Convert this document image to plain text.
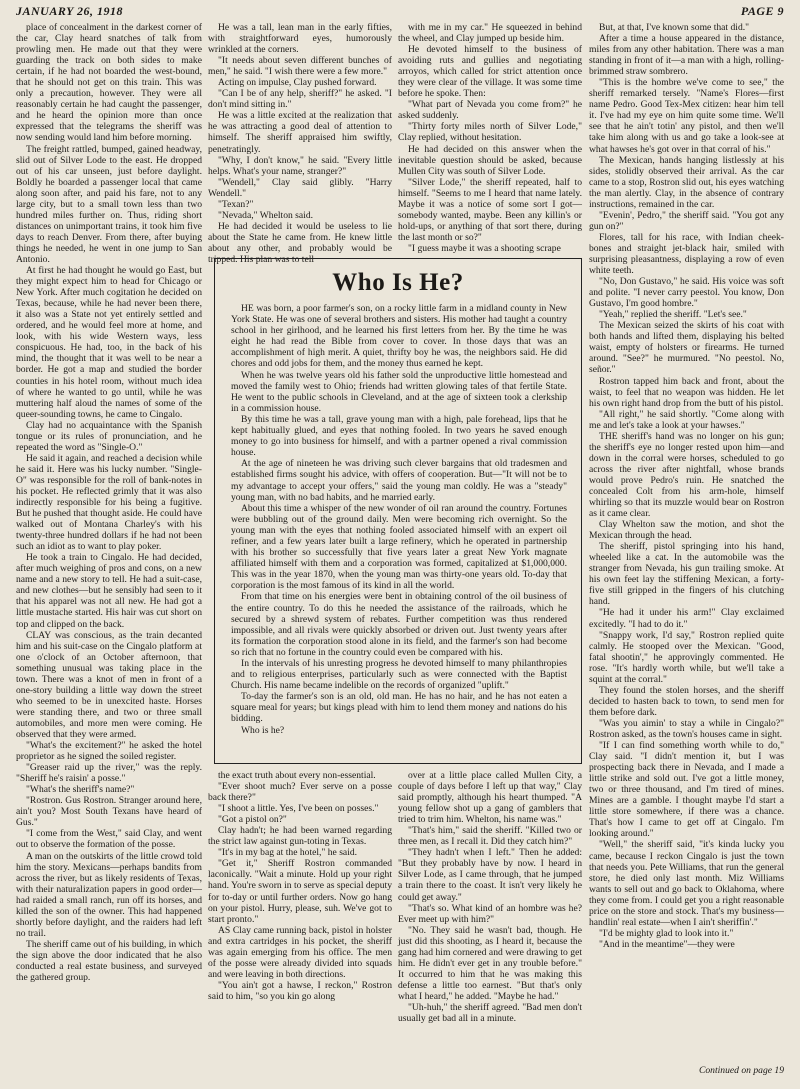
JANUARY 26, 1918	PAGE 9

place of concealment in the darkest corner of the car, Clay heard snatches of talk from prowling men. He made out that they were guarding the track on both sides to make certain, if he had not boarded the west-bound, that he should not get on this train. This was only a precaution, however. They were all reasonably certain he had caught the passenger, and he heard the opinion more than once expressed that the telegrams the sheriff was now sending would land him before morning.

The freight rattled, bumped, gained headway, slid out of Silver Lode to the east. He dropped out of his car unseen, just before daylight. Boldly he boarded a passenger local that came along soon after, and paid his fare, not to any large city, but to a small town less than two hundred miles further on. Thus, riding short distances on unimportant trains, it took him five days to reach Denver. From there, after buying things he needed, he went in one jump to San Antonio.

At first he had thought he would go East, but they might expect him to head for Chicago or New York. After much cogitation he decided on Texas, because, while he had never been there, it also was a State not yet entirely settled and ordered, and he would feel more at home, and look, with his wide Western ways, less conspicuous. He had, too, in the back of his mind, the thought that it was well to be near a border. He got a map and studied the border counties in his hotel room, without much idea of where he wanted to go until, while he was muttering half aloud the names of some of the queer-sounding towns, he came to Cingalo.

Clay had no acquaintance with the Spanish tongue or its rules of pronunciation, and he repeated the word as "Single-O."

He said it again, and reached a decision while he said it. Here was his lucky number. "Single-O" was responsible for the roll of bank-notes in his pocket. He reflected grimly that it was also indirectly responsible for his being a fugitive. But he pushed that thought aside. He could have walked out of Montana Charley's with his twenty-three hundred dollars if he had not been such an idiot as to want to play poker.

He took a train to Cingalo. He had decided, after much weighing of pros and cons, on a new name and a new story to tell. He had a suit-case, and new clothes—but he sensibly had seen to it that his apparel was not all new. He had got a little mustache started. His hair was cut short on top and clipped on the back.

CLAY was conscious, as the train decanted him and his suit-case on the Cingalo platform at one o'clock of an October afternoon, that something unusual was taking place in the town. There was a knot of men in front of a one-story building a little way down the street who seemed to be in unexcited haste. Horses were standing there, and two or three small automobiles, and more men were coming. He observed that they were armed.

"What's the excitement?" he asked the hotel proprietor as he signed the soiled register.

"Greaser raid up the river," was the reply. "Sheriff he's raisin' a posse."

"What's the sheriff's name?"

"Rostron. Gus Rostron. Stranger around here, ain't you? Most South Texans have heard of Gus."

"I come from the West," said Clay, and went out to observe the formation of the posse.

A man on the outskirts of the little crowd told him the story. Mexicans—perhaps bandits from across the river, but as likely residents of Texas, with their naturalization papers in good order—had raided a small ranch, run off its horses, and killed the son of the owner. This had happened shortly before daylight, and the raiders had left no trail.

The sheriff came out of his building, in which the sign above the door indicated that he also conducted a real estate business, and surveyed the gathered group.

He was a tall, lean man in the early fifties, with straightforward eyes, humorously wrinkled at the corners.

"It needs about seven different bunches of men," he said. "I wish there were a few more."

Acting on impulse, Clay pushed forward.

"Can I be of any help, sheriff?" he asked. "I don't mind sitting in."

He was a little excited at the realization that he was attracting a good deal of attention to himself. The sheriff appraised him swiftly, penetratingly.

"Why, I don't know," he said. "Every little helps. What's your name, stranger?"

"Wendell," Clay said glibly. "Harry Wendell."

"Texan?"

"Nevada," Whelton said.

He had decided it would be useless to lie about the State he came from. He knew little about any other, and probably would be tripped. His plan was to tell

with me in my car." He squeezed in behind the wheel, and Clay jumped up beside him.

He devoted himself to the business of avoiding ruts and gullies and negotiating arroyos, which called for strict attention once they were clear of the village. It was some time before he spoke. Then:

"What part of Nevada you come from?" he asked suddenly.

"Thirty forty miles north of Silver Lode," Clay replied, without hesitation.

He had decided on this answer when the inevitable question should be asked, because Mullen City was south of Silver Lode.

"Silver Lode," the sheriff repeated, half to himself. "Seems to me I heard that name lately. Maybe it was a notice of some sort I got—somebody wanted, maybe. Been any killin's or hold-ups, or anything of that sort there, during the last month or so?"

"I guess maybe it was a shooting scrape

Who Is He?

HE was born, a poor farmer's son, on a rocky little farm in a midland county in New York State. He was one of several brothers and sisters. His mother had taught a country school in her girlhood, and he learned his first letters from her. By the time he was eight he had read the Bible from cover to cover. In those days that was an accomplishment of high merit. A quiet, thrifty boy he was, the neighbors said. He did chores and odd jobs for them, and the money thus earned he kept.

When he was twelve years old his father sold the unproductive little homestead and moved the family west to Ohio; friends had written glowing tales of that fertile State. He went to the public schools in Cleveland, and at the age of sixteen took a clerkship in a commission house.

By this time he was a tall, grave young man with a high, pale forehead, lips that he kept habitually glued, and eyes that nothing fooled. In two years he saved enough money to go into business for himself, and with a partner opened a rival commission house.

At the age of nineteen he was driving such clever bargains that old tradesmen and established firms sought his advice, with offers of cooperation. But—"It will not be to my advantage to accept your offers," said the young man coldly. He was a "steady" young man, with no bad habits, and he married early.

About this time a whisper of the new wonder of oil ran around the country. Fortunes were bubbling out of the ground daily. Men were becoming rich overnight. So the young man with the eyes that nothing fooled associated himself with an expert oil refiner, and a few years later built a large refinery, which he operated in partnership with his brother so successfully that five years later a great New York magnate affiliated himself with them and a corporation was formed, capitalized at $1,000,000. This was in the year 1870, when the young man was thirty-one years old. To-day that corporation is the most famous of its kind in all the world.

From that time on his energies were bent in obtaining control of the oil business of the entire country. To do this he needed the assistance of the railroads, which he secured by a shrewd system of rebates. Further competition was thus rendered impossible, and all rivals were quickly absorbed or driven out. Just twenty years after its formation the corporation stood alone in its field, and the farmer's son had become so rich that no fortune in the country could even be compared with his.

In the intervals of his unresting progress he devoted himself to many philanthropies and to religious enterprises, particularly such as were connected with the Baptist Church. His name became indelible on the records of organized "uplift."

To-day the farmer's son is an old, old man. He has no hair, and he has not eaten a square meal for years; but kings plead with him to lend them money and nations do his bidding.

Who is he?

the exact truth about every non-essential.

"Ever shoot much? Ever serve on a posse back there?"

"I shoot a little. Yes, I've been on posses."

"Got a pistol on?"

Clay hadn't; he had been warned regarding the strict law against gun-toting in Texas.

"It's in my bag at the hotel," he said.

"Get it," Sheriff Rostron commanded laconically. "Wait a minute. Hold up your right hand. You're sworn in to serve as special deputy for to-day or until further orders. Now go hang on your pistol. Hurry, please, suh. We've got to start pronto."

AS Clay came running back, pistol in holster and extra cartridges in his pocket, the sheriff was again emerging from his office. The men of the posse were already divided into squads and were leaving in both directions.

"You ain't got a hawse, I reckon," Rostron said to him, "so you kin go along

over at a little place called Mullen City, a couple of days before I left up that way," Clay said promptly, although his heart thumped. "A young fellow shot up a gang of gamblers that tried to trim him. Whelton, his name was."

"That's him," said the sheriff. "Killed two or three men, as I recall it. Did they catch him?"

"They hadn't when I left." Then he added: "But they probably have by now. I heard in Silver Lode, as I came through, that he jumped a train there to the coast. It isn't very likely he could get away."

"That's so. What kind of an hombre was he? Ever meet up with him?"

"No. They said he wasn't bad, though. He just did this shooting, as I heard it, because the gang had him cornered and were drawing to get him. He didn't ever get in any trouble before." It occurred to him that he was making this defense a little too earnest. "But that's only what I heard," he added. "Maybe he had."

"Uh-huh," the sheriff agreed. "Bad men don't usually get bad all in a minute.

But, at that, I've known some that did."

After a time a house appeared in the distance, miles from any other habitation. There was a man standing in front of it—a man with a high, rolling-brimmed straw sombrero.

"This is the hombre we've come to see," the sheriff remarked tersely. "Name's Flores—first name Pedro. Good Tex-Mex citizen: hear him tell it. I've had my eye on him quite some time. We'll see that he ain't totin' any pistol, and then we'll take him along with us and go take a look-see at what hawses he's got over in that corral of his."

The Mexican, hands hanging listlessly at his sides, stolidly observed their arrival. As the car came to a stop, Rostron slid out, his eyes watching the man alertly. Clay, in the absence of contrary instructions, remained in the car.

"Evenin', Pedro," the sheriff said. "You got any gun on?"

Flores, tall for his race, with Indian cheek-bones and straight jet-black hair, smiled with surprising pleasantness, displaying a row of even white teeth.

"No, Don Gustavo," he said. His voice was soft and polite. "I never carry peestol. You know, Don Gustavo, I'm good hombre."

"Yeah," replied the sheriff. "Let's see."

The Mexican seized the skirts of his coat with both hands and lifted them, displaying his belted waist, empty of holsters or firearms. He turned around. "See?" he murmured. "No peestol. No, señor."

Rostron tapped him back and front, about the waist, to feel that no weapon was hidden. He let his own right hand drop from the butt of his pistol.

"All right," he said shortly. "Come along with me and let's take a look at your hawses."

THE sheriff's hand was no longer on his gun; the sheriff's eye no longer rested upon him—and down in the corral were horses, scheduled to go across the river after nightfall, whose brands would prove Pedro's ruin. He snatched the concealed Colt from his arm-hole, himself whirling so that its muzzle would bear on Rostron as it came clear.

Clay Whelton saw the motion, and shot the Mexican through the head.

The sheriff, pistol springing into his hand, wheeled like a cat. In the automobile was the stranger from Nevada, his gun trailing smoke. At his own feet lay the stiffening Mexican, a forty-five still gripped in the fingers of his clutching hand.

"He had it under his arm!" Clay exclaimed excitedly. "I had to do it."

"Snappy work, I'd say," Rostron replied quite calmly. He stooped over the Mexican. "Good, fatal shootin'," he approvingly commented. He rose. "It's hardly worth while, but we'll take a squint at the corral."

They found the stolen horses, and the sheriff decided to hasten back to town, to send men for them before dark.

"Was you aimin' to stay a while in Cingalo?" Rostron asked, as the town's houses came in sight.

"If I can find something worth while to do," Clay said. "I didn't mention it, but I was prospecting back there in Nevada, and I made a little strike and sold out. I've got a little money, two or three thousand, and I'm tired of mines. Mines are a gamble. I thought maybe I'd start a little store somewhere, if there was a chance. That's how I came to get off at Cingalo. I'm looking around."

"Well," the sheriff said, "it's kinda lucky you came, because I reckon Cingalo is just the town that needs you. Pete Williams, that run the general store, he died only last month. Miz Williams wants to sell out and go back to Oklahoma, where they come from. I could get you a right reasonable price on the store and stock. That's my business—handlin' real estate—when I ain't sheriffin'."

"I'd be mighty glad to look into it."

"And in the meantime"—they were

Continued on page 19
